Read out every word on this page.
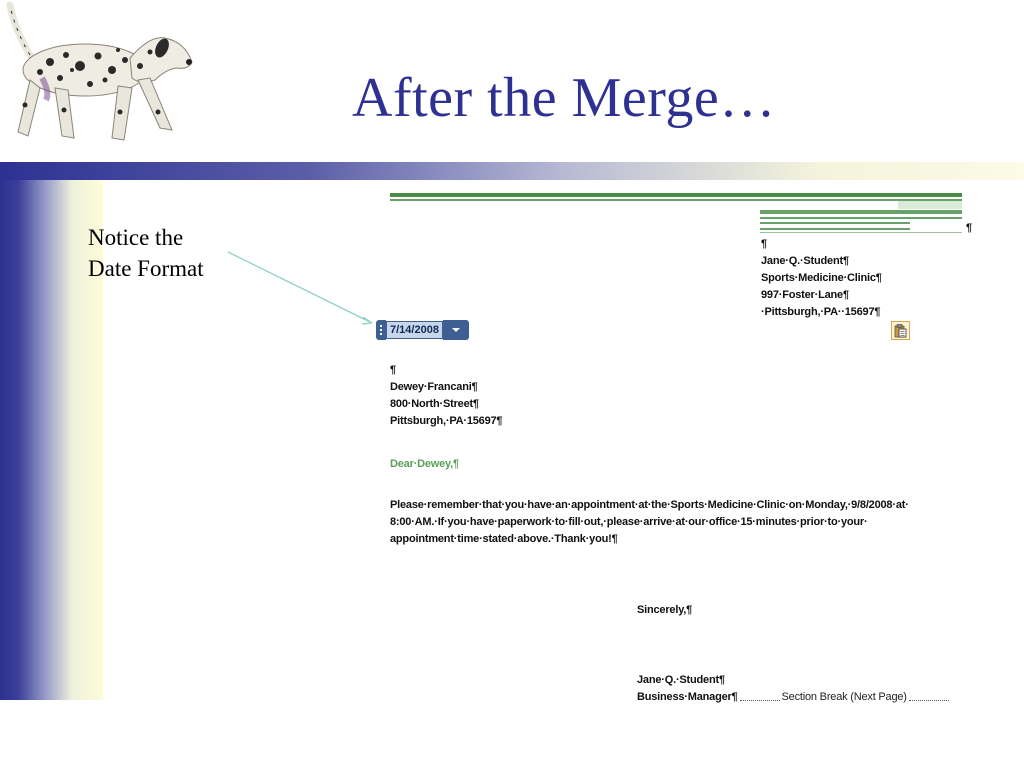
After the Merge…
Notice the
Date Format
¶
¶
Jane·Q.·Student¶
Sports·Medicine·Clinic¶
997·Foster·Lane¶
·Pittsburgh,·PA··15697¶
7/14/2008
¶
Dewey·Francani¶
800·North·Street¶
Pittsburgh,·PA·15697¶
Dear·Dewey,¶
Please·remember·that·you·have·an·appointment·at·the·Sports·Medicine·Clinic·on·Monday,·9/8/2008·at·
8:00·AM.·If·you·have·paperwork·to·fill·out,·please·arrive·at·our·office·15·minutes·prior·to·your·
appointment·time·stated·above.·Thank·you!¶
Sincerely,¶
Jane·Q.·Student¶
Business·Manager¶	Section Break (Next Page)
